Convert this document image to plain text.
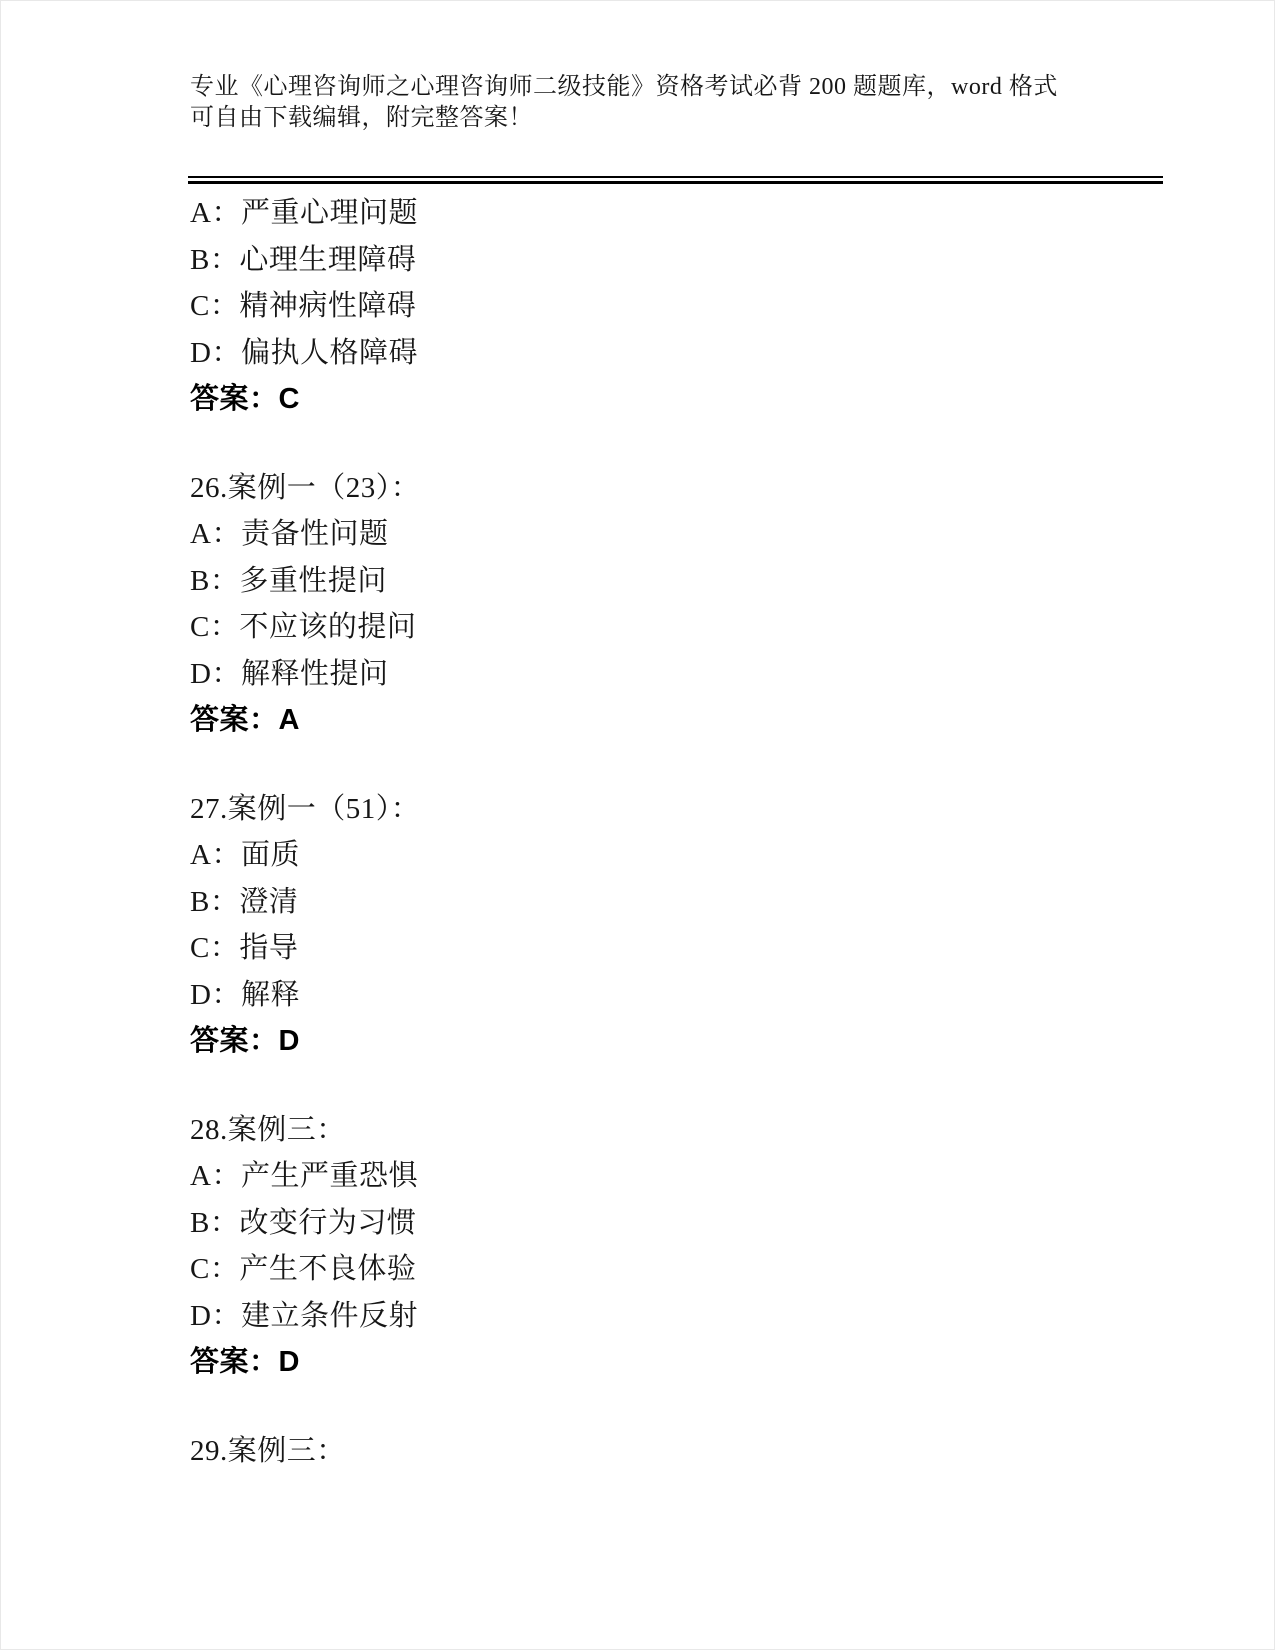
专业《心理咨询师之心理咨询师二级技能》资格考试必背 200 题题库，word 格式
可自由下载编辑，附完整答案！
A：严重心理问题
B：心理生理障碍
C：精神病性障碍
D：偏执人格障碍
答案：C
26.案例一（23）：
A：责备性问题
B：多重性提问
C：不应该的提问
D：解释性提问
答案：A
27.案例一（51）：
A：面质
B：澄清
C：指导
D：解释
答案：D
28.案例三：
A：产生严重恐惧
B：改变行为习惯
C：产生不良体验
D：建立条件反射
答案：D
29.案例三：
